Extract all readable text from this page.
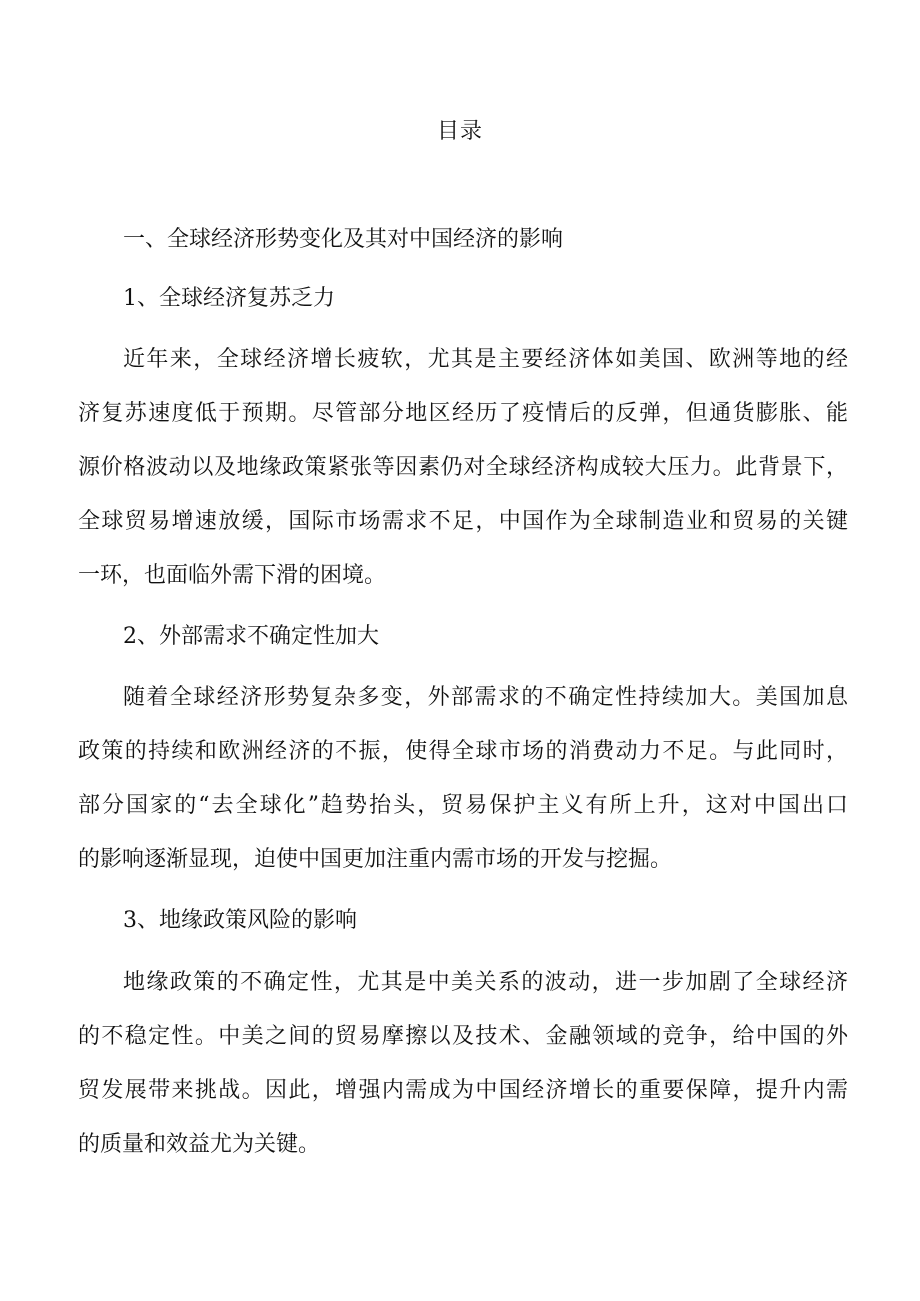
目录
一、全球经济形势变化及其对中国经济的影响
1、全球经济复苏乏力
近年来，全球经济增长疲软，尤其是主要经济体如美国、欧洲等地的经
济复苏速度低于预期。尽管部分地区经历了疫情后的反弹，但通货膨胀、能
源价格波动以及地缘政策紧张等因素仍对全球经济构成较大压力。此背景下，
全球贸易增速放缓，国际市场需求不足，中国作为全球制造业和贸易的关键
一环，也面临外需下滑的困境。
2、外部需求不确定性加大
随着全球经济形势复杂多变，外部需求的不确定性持续加大。美国加息
政策的持续和欧洲经济的不振，使得全球市场的消费动力不足。与此同时，
部分国家的“去全球化”趋势抬头，贸易保护主义有所上升，这对中国出口
的影响逐渐显现，迫使中国更加注重内需市场的开发与挖掘。
3、地缘政策风险的影响
地缘政策的不确定性，尤其是中美关系的波动，进一步加剧了全球经济
的不稳定性。中美之间的贸易摩擦以及技术、金融领域的竞争，给中国的外
贸发展带来挑战。因此，增强内需成为中国经济增长的重要保障，提升内需
的质量和效益尤为关键。
